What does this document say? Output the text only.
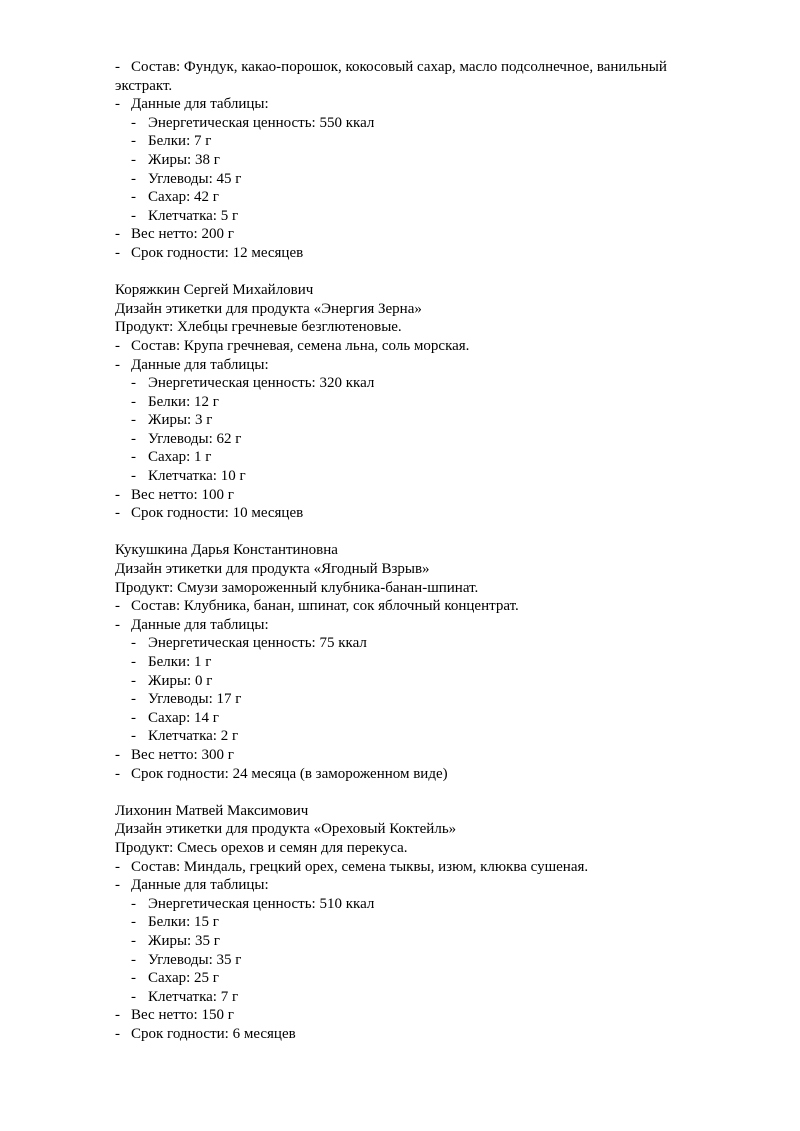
- Состав: Фундук, какао-порошок, кокосовый сахар, масло подсолнечное, ванильный
экстракт.
- Данные для таблицы:
- Энергетическая ценность: 550 ккал
- Белки: 7 г
- Жиры: 38 г
- Углеводы: 45 г
- Сахар: 42 г
- Клетчатка: 5 г
- Вес нетто: 200 г
- Срок годности: 12 месяцев
Коряжкин Сергей Михайлович
Дизайн этикетки для продукта «Энергия Зерна»
Продукт: Хлебцы гречневые безглютеновые.
- Состав: Крупа гречневая, семена льна, соль морская.
- Данные для таблицы:
- Энергетическая ценность: 320 ккал
- Белки: 12 г
- Жиры: 3 г
- Углеводы: 62 г
- Сахар: 1 г
- Клетчатка: 10 г
- Вес нетто: 100 г
- Срок годности: 10 месяцев
Кукушкина Дарья Константиновна
Дизайн этикетки для продукта «Ягодный Взрыв»
Продукт: Смузи замороженный клубника-банан-шпинат.
- Состав: Клубника, банан, шпинат, сок яблочный концентрат.
- Данные для таблицы:
- Энергетическая ценность: 75 ккал
- Белки: 1 г
- Жиры: 0 г
- Углеводы: 17 г
- Сахар: 14 г
- Клетчатка: 2 г
- Вес нетто: 300 г
- Срок годности: 24 месяца (в замороженном виде)
Лихонин Матвей Максимович
Дизайн этикетки для продукта «Ореховый Коктейль»
Продукт: Смесь орехов и семян для перекуса.
- Состав: Миндаль, грецкий орех, семена тыквы, изюм, клюква сушеная.
- Данные для таблицы:
- Энергетическая ценность: 510 ккал
- Белки: 15 г
- Жиры: 35 г
- Углеводы: 35 г
- Сахар: 25 г
- Клетчатка: 7 г
- Вес нетто: 150 г
- Срок годности: 6 месяцев
